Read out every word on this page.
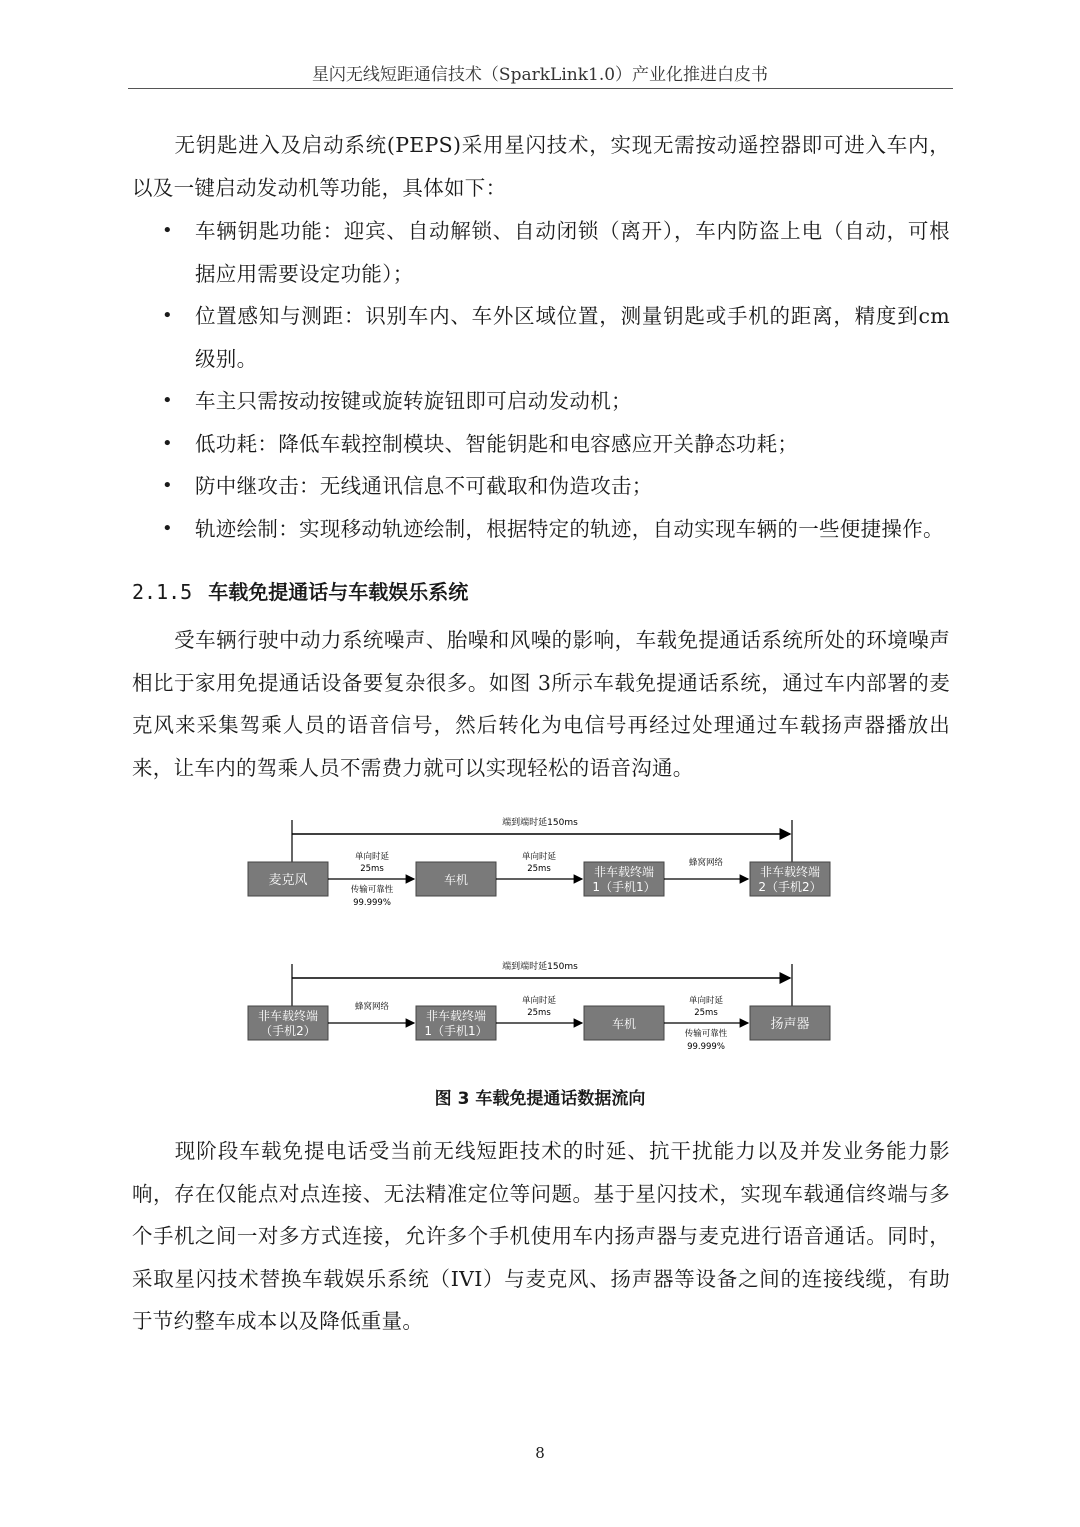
星闪无线短距通信技术（SparkLink1.0）产业化推进白皮书

无钥匙进入及启动系统(PEPS)采用星闪技术，实现无需按动遥控器即可进入车内，以及一键启动发动机等功能，具体如下：

• 车辆钥匙功能：迎宾、自动解锁、自动闭锁（离开），车内防盗上电（自动，可根据应用需要设定功能）；
• 位置感知与测距：识别车内、车外区域位置，测量钥匙或手机的距离，精度到cm级别。
• 车主只需按动按键或旋转旋钮即可启动发动机；
• 低功耗：降低车载控制模块、智能钥匙和电容感应开关静态功耗；
• 防中继攻击：无线通讯信息不可截取和伪造攻击；
• 轨迹绘制：实现移动轨迹绘制，根据特定的轨迹，自动实现车辆的一些便捷操作。
2.1.5 车载免提通话与车载娱乐系统

受车辆行驶中动力系统噪声、胎噪和风噪的影响，车载免提通话系统所处的环境噪声相比于家用免提通话设备要复杂很多。如图 3所示车载免提通话系统，通过车内部署的麦克风来采集驾乘人员的语音信号，然后转化为电信号再经过处理通过车载扬声器播放出来，让车内的驾乘人员不需费力就可以实现轻松的语音沟通。

端到端时延150ms
麦克风	车机
非车载终端
1（手机1）
非车载终端
2（手机2）
单向时延
25ms
传输可靠性
99.999%
单向时延
25ms
蜂窝网络
端到端时延150ms
非车载终端
（手机2）
非车载终端
1（手机1）	车机	扬声器
蜂窝网络
单向时延
25ms
单向时延
25ms
传输可靠性
99.999%
图 3 车载免提通话数据流向

现阶段车载免提电话受当前无线短距技术的时延、抗干扰能力以及并发业务能力影响，存在仅能点对点连接、无法精准定位等问题。基于星闪技术，实现车载通信终端与多个手机之间一对多方式连接，允许多个手机使用车内扬声器与麦克进行语音通话。同时，采取星闪技术替换车载娱乐系统（IVI）与麦克风、扬声器等设备之间的连接线缆，有助于节约整车成本以及降低重量。

8
